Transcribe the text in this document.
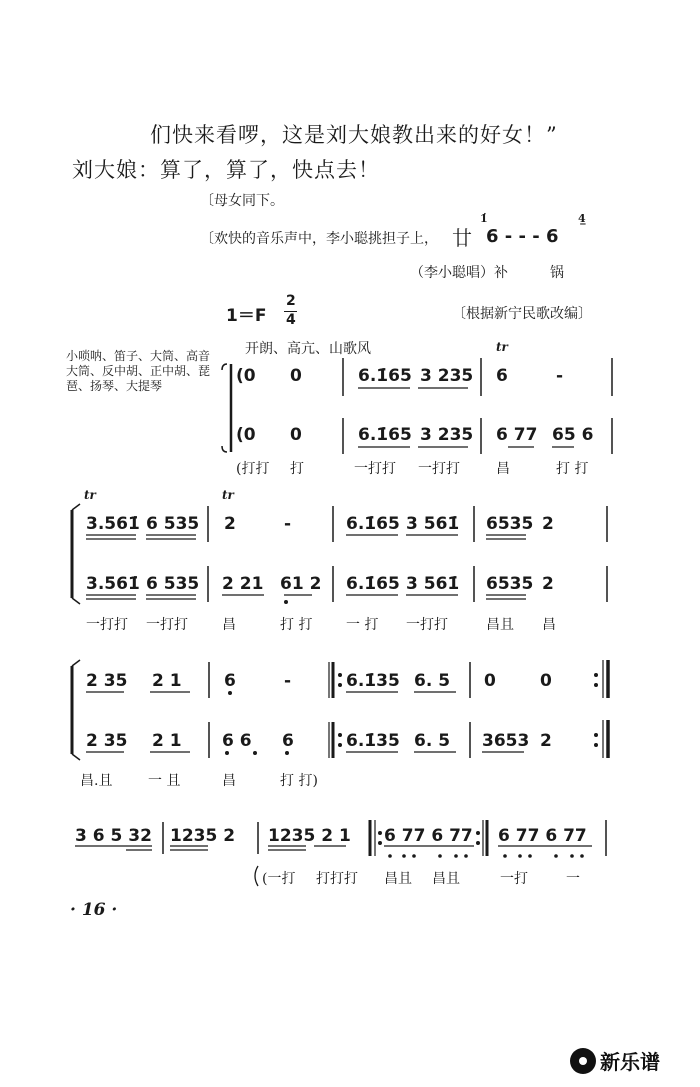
们快来看啰，这是刘大娘教出来的好女！”
刘大娘：算了，算了，快点去！
〔母女同下。
〔欢快的音乐声中，李小聪挑担子上， 廿
1̇
6 - - - 6
4̲
（李小聪唱）补　　　锅
1＝F
2
4	〔根据新宁民歌改编〕
开朗、高亢、山歌风
小唢呐、笛子、大筒、高音大筒、反中胡、正中胡、琵琶、扬琴、大提琴
tr
(0 0	6.1̇65 3 235 6	-
(0 0	6.1̇65 3 235 6 77 65 6
(打打 打	一打打 一打打	昌	打 打
tr	tr
3.561̇ 6 535 2	-	6.1̇65 3 561̇ 6535 2
3.561̇ 6 535 2 21 61 2 6.1̇65 3 561̇ 6535 2
一打打 一打打 昌	打 打 一 打 一打打	昌且 昌
2 35 2 1 6	-	6.1̇35 6. 5 0	0
2 35 2 1 6 6 6	6.1̇35 6. 5 3653 2
昌.且	一 且	昌	打 打)
3 6 5 32 1235 2 1235 2 1 6 77 6 77 6 77 6 77
(一打 打打打 昌且 昌且	一打	一
· 16 ·
新乐谱
